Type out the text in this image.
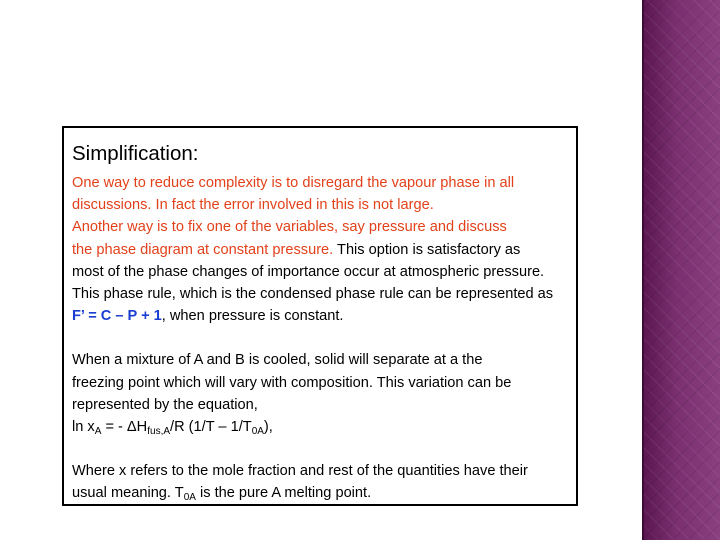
Simplification:
One way to reduce complexity is to disregard the vapour phase in all
discussions. In fact the error involved in this is not large.
Another way is to fix one of the variables, say pressure and discuss
the phase diagram at constant pressure. This option is satisfactory as
most of the phase changes of importance occur at atmospheric pressure.
This phase rule, which is the condensed phase rule can be represented as
F’ = C – P + 1, when pressure is constant.
When a mixture of A and B is cooled, solid will separate at a the
freezing point which will vary with composition. This variation can be
represented by the equation,
$\ln x_A$ = - $\Delta H_{fus,A}/R$ $(1/T - 1/T_{0A})$,
Where x refers to the mole fraction and rest of the quantities have their
usual meaning. $T_{0A}$ is the pure A melting point.
